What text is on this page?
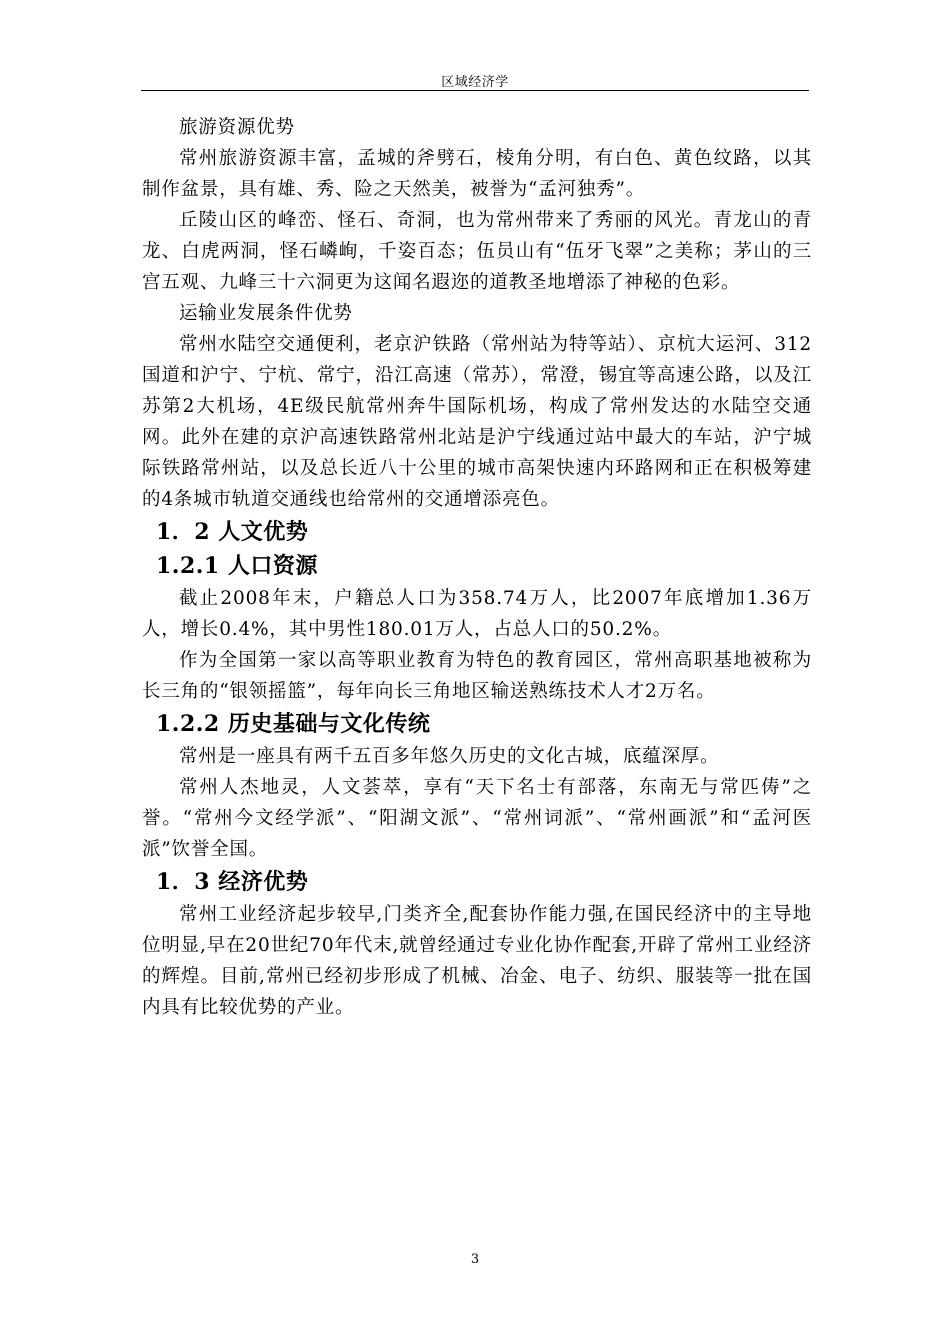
区域经济学

旅游资源优势

常州旅游资源丰富，孟城的斧劈石，棱角分明，有白色、黄色纹路，以其制作盆景，具有雄、秀、险之天然美，被誉为“孟河独秀”。

丘陵山区的峰峦、怪石、奇洞，也为常州带来了秀丽的风光。青龙山的青龙、白虎两洞，怪石嶙峋，千姿百态；伍员山有“伍牙飞翠”之美称；茅山的三宫五观、九峰三十六洞更为这闻名遐迩的道教圣地增添了神秘的色彩。

运输业发展条件优势

常州水陆空交通便利，老京沪铁路（常州站为特等站）、京杭大运河、312国道和沪宁、宁杭、常宁，沿江高速（常苏），常澄，锡宜等高速公路，以及江苏第2大机场，4E级民航常州奔牛国际机场，构成了常州发达的水陆空交通网。此外在建的京沪高速铁路常州北站是沪宁线通过站中最大的车站，沪宁城际铁路常州站，以及总长近八十公里的城市高架快速内环路网和正在积极筹建的4条城市轨道交通线也给常州的交通增添亮色。

1．2 人文优势
1.2.1 人口资源

截止2008年末，户籍总人口为358.74万人，比2007年底增加1.36万人，增长0.4%，其中男性180.01万人，占总人口的50.2%。

作为全国第一家以高等职业教育为特色的教育园区，常州高职基地被称为长三角的“银领摇篮”，每年向长三角地区输送熟练技术人才2万名。

1.2.2 历史基础与文化传统

常州是一座具有两千五百多年悠久历史的文化古城，底蕴深厚。

常州人杰地灵，人文荟萃，享有“天下名士有部落，东南无与常匹俦”之誉。“常州今文经学派”、“阳湖文派”、“常州词派”、“常州画派”和“孟河医派”饮誉全国。

1．3 经济优势

常州工业经济起步较早,门类齐全,配套协作能力强,在国民经济中的主导地位明显,早在20世纪70年代末,就曾经通过专业化协作配套,开辟了常州工业经济的辉煌。目前,常州已经初步形成了机械、冶金、电子、纺织、服装等一批在国内具有比较优势的产业。

3
